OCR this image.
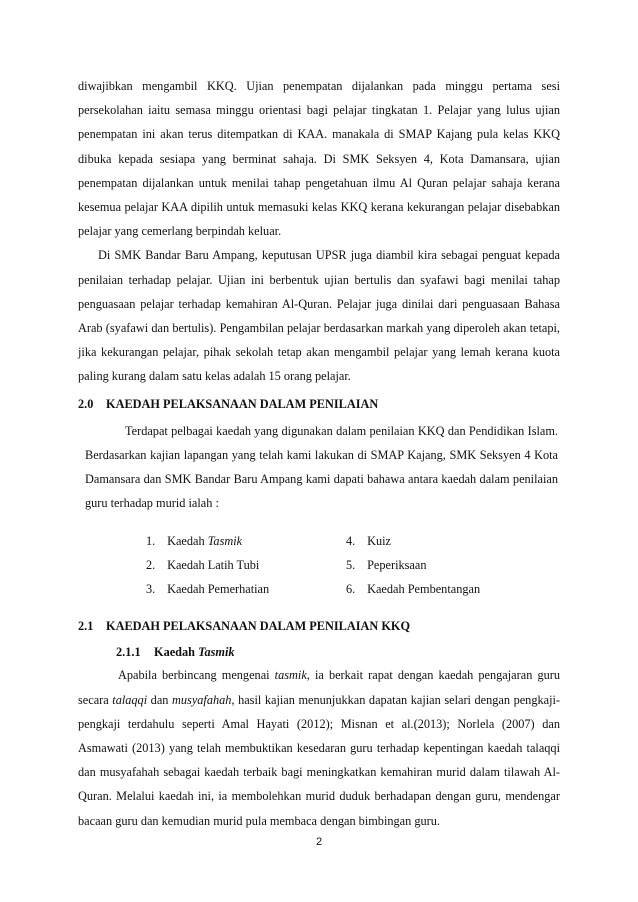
diwajibkan mengambil KKQ. Ujian penempatan dijalankan pada minggu pertama sesi persekolahan iaitu semasa minggu orientasi bagi pelajar tingkatan 1. Pelajar yang lulus ujian penempatan ini akan terus ditempatkan di KAA. manakala di SMAP Kajang pula kelas KKQ dibuka kepada sesiapa yang berminat sahaja. Di SMK Seksyen 4, Kota Damansara, ujian penempatan dijalankan untuk menilai tahap pengetahuan ilmu Al Quran pelajar sahaja kerana kesemua pelajar KAA dipilih untuk memasuki kelas KKQ kerana kekurangan pelajar disebabkan pelajar yang cemerlang berpindah keluar.

Di SMK Bandar Baru Ampang, keputusan UPSR juga diambil kira sebagai penguat kepada penilaian terhadap pelajar. Ujian ini berbentuk ujian bertulis dan syafawi bagi menilai tahap penguasaan pelajar terhadap kemahiran Al-Quran. Pelajar juga dinilai dari penguasaan Bahasa Arab (syafawi dan bertulis). Pengambilan pelajar berdasarkan markah yang diperoleh akan tetapi, jika kekurangan pelajar, pihak sekolah tetap akan mengambil pelajar yang lemah kerana kuota paling kurang dalam satu kelas adalah 15 orang pelajar.

2.0 KAEDAH PELAKSANAAN DALAM PENILAIAN

Terdapat pelbagai kaedah yang digunakan dalam penilaian KKQ dan Pendidikan Islam. Berdasarkan kajian lapangan yang telah kami lakukan di SMAP Kajang, SMK Seksyen 4 Kota Damansara dan SMK Bandar Baru Ampang kami dapati bahawa antara kaedah dalam penilaian guru terhadap murid ialah :

1. Kaedah Tasmik	4. Kuiz
2. Kaedah Latih Tubi	5. Peperiksaan
3. Kaedah Pemerhatian	6. Kaedah Pembentangan
2.1 KAEDAH PELAKSANAAN DALAM PENILAIAN KKQ
2.1.1 Kaedah Tasmik

Apabila berbincang mengenai tasmik, ia berkait rapat dengan kaedah pengajaran guru secara talaqqi dan musyafahah, hasil kajian menunjukkan dapatan kajian selari dengan pengkaji-pengkaji terdahulu seperti Amal Hayati (2012); Misnan et al.(2013); Norlela (2007) dan Asmawati (2013) yang telah membuktikan kesedaran guru terhadap kepentingan kaedah talaqqi dan musyafahah sebagai kaedah terbaik bagi meningkatkan kemahiran murid dalam tilawah Al-Quran. Melalui kaedah ini, ia membolehkan murid duduk berhadapan dengan guru, mendengar bacaan guru dan kemudian murid pula membaca dengan bimbingan guru.

2
